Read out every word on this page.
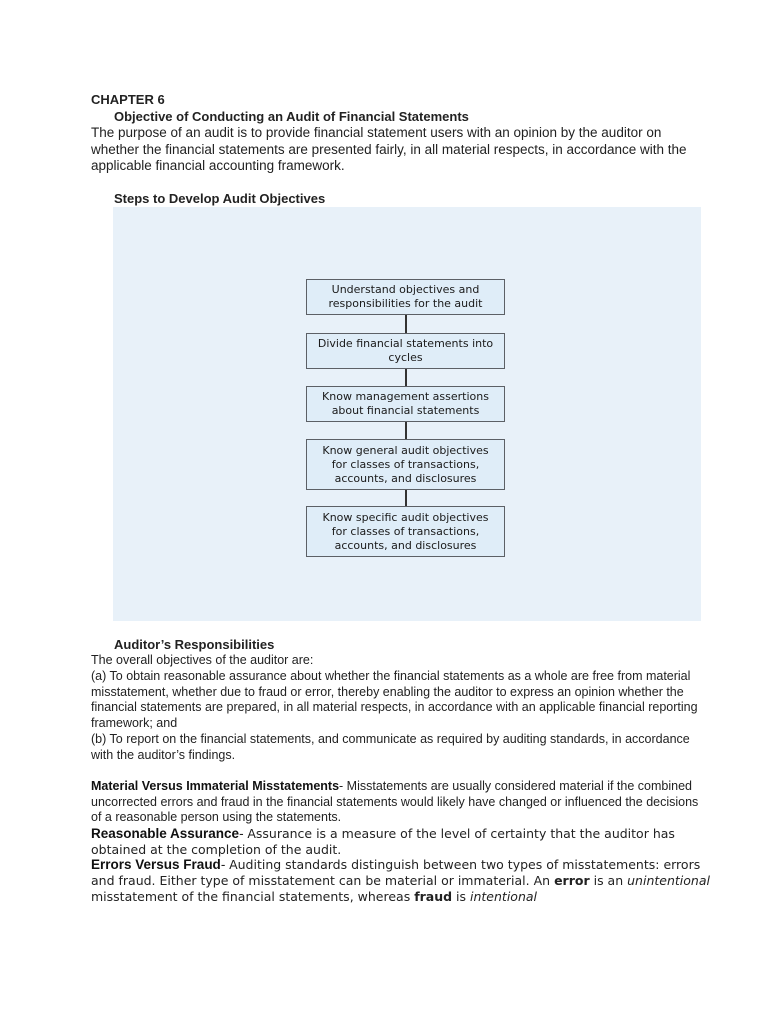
CHAPTER 6
Objective of Conducting an Audit of Financial Statements

The purpose of an audit is to provide financial statement users with an opinion by the auditor on whether the financial statements are presented fairly, in all material respects, in accordance with the applicable financial accounting framework.

Steps to Develop Audit Objectives
Understand objectives and responsibilities for the audit
Divide financial statements into cycles
Know management assertions about financial statements
Know general audit objectives for classes of transactions, accounts, and disclosures
Know specific audit objectives for classes of transactions, accounts, and disclosures
Auditor’s Responsibilities
The overall objectives of the auditor are:
(a) To obtain reasonable assurance about whether the financial statements as a whole are free from material misstatement, whether due to fraud or error, thereby enabling the auditor to express an opinion whether the financial statements are prepared, in all material respects, in accordance with an applicable financial reporting framework; and
(b) To report on the financial statements, and communicate as required by auditing standards, in accordance with the auditor’s findings.

Material Versus Immaterial Misstatements- Misstatements are usually considered material if the combined uncorrected errors and fraud in the financial statements would likely have changed or influenced the decisions of a reasonable person using the statements.

Reasonable Assurance- Assurance is a measure of the level of certainty that the auditor has obtained at the completion of the audit.

Errors Versus Fraud- Auditing standards distinguish between two types of misstatements: errors and fraud. Either type of misstatement can be material or immaterial. An error is an unintentional misstatement of the financial statements, whereas fraud is intentional
